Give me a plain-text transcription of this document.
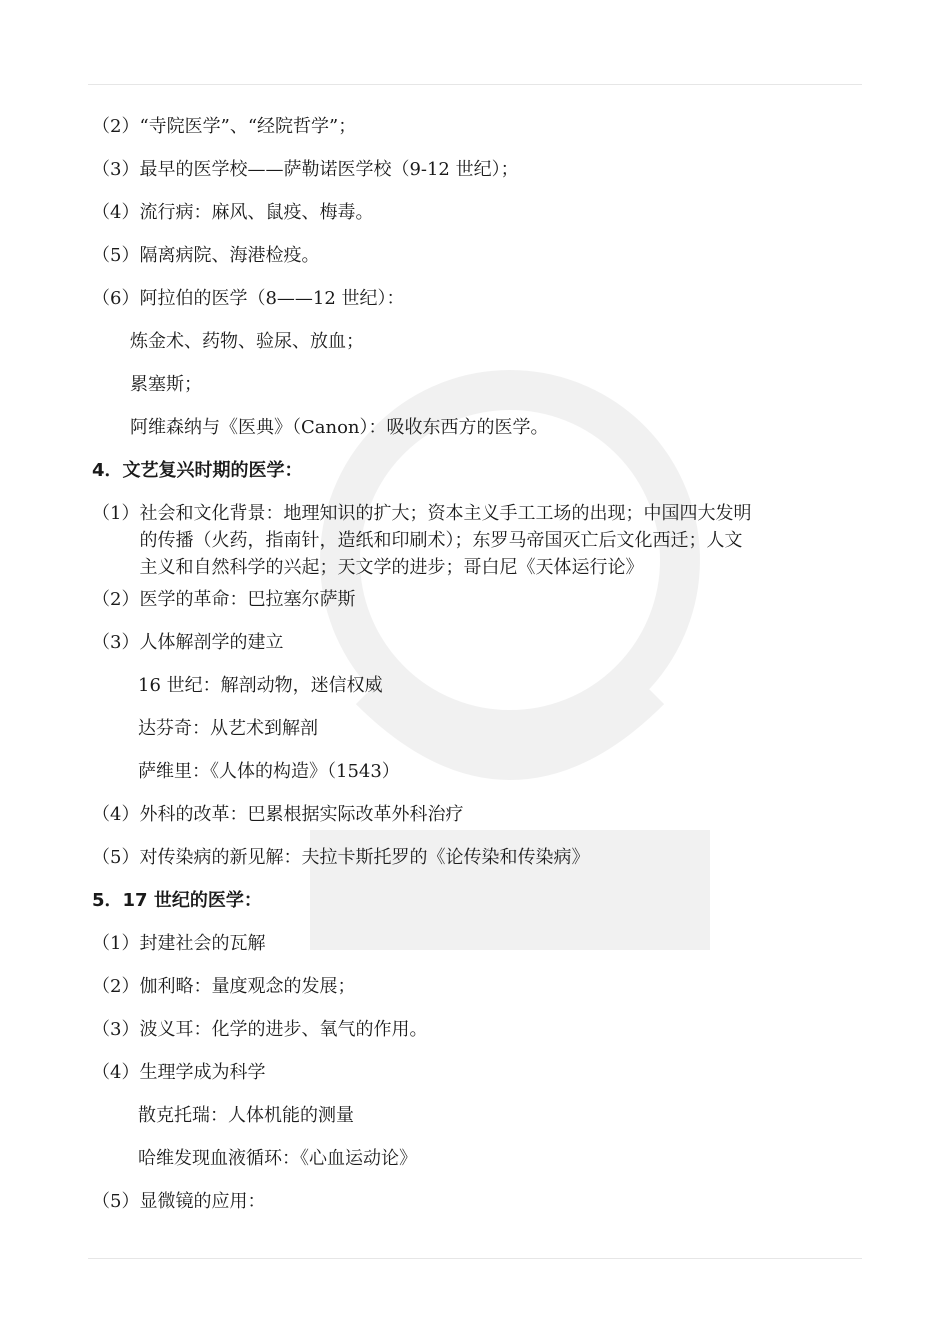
（2）“寺院医学”、“经院哲学”；

（3）最早的医学校——萨勒诺医学校（9-12 世纪）；

（4）流行病：麻风、鼠疫、梅毒。

（5）隔离病院、海港检疫。

（6）阿拉伯的医学（8——12 世纪）：

炼金术、药物、验尿、放血；

累塞斯；

阿维森纳与《医典》（Canon）：吸收东西方的医学。

4．文艺复兴时期的医学：

（1） 社会和文化背景：地理知识的扩大；资本主义手工工场的出现；中国四大发明
的传播（火药，指南针，造纸和印刷术）；东罗马帝国灭亡后文化西迁；人文
主义和自然科学的兴起；天文学的进步；哥白尼《天体运行论》

（2）医学的革命：巴拉塞尔萨斯

（3）人体解剖学的建立

16 世纪：解剖动物，迷信权威

达芬奇：从艺术到解剖

萨维里：《人体的构造》（1543）

（4）外科的改革：巴累根据实际改革外科治疗

（5）对传染病的新见解：夫拉卡斯托罗的《论传染和传染病》

5．17 世纪的医学：

（1）封建社会的瓦解

（2）伽利略：量度观念的发展；

（3）波义耳：化学的进步、氧气的作用。

（4）生理学成为科学

散克托瑞：人体机能的测量

哈维发现血液循环：《心血运动论》

（5）显微镜的应用：
